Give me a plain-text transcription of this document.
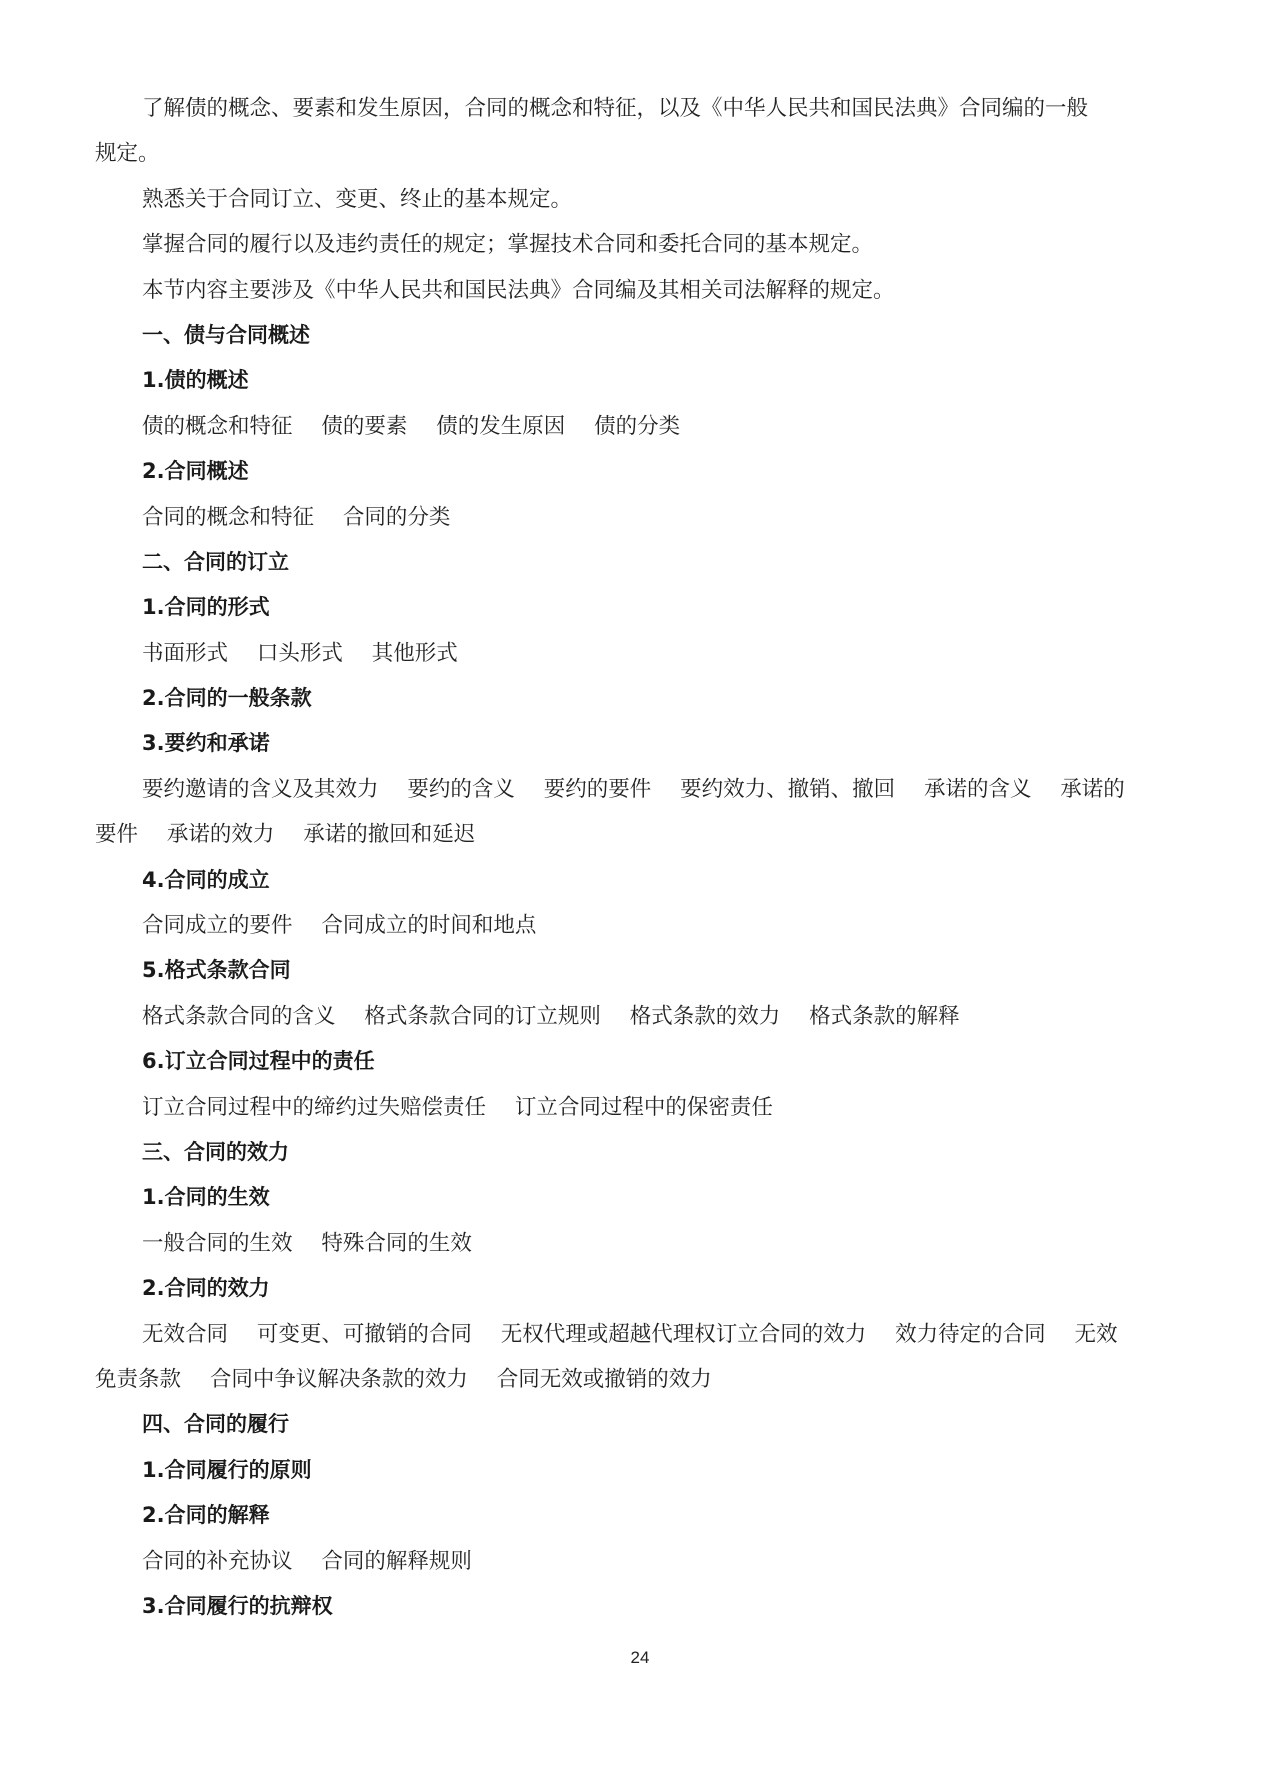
了解债的概念、要素和发生原因，合同的概念和特征，以及《中华人民共和国民法典》合同编的一般
规定。
熟悉关于合同订立、变更、终止的基本规定。
掌握合同的履行以及违约责任的规定；掌握技术合同和委托合同的基本规定。
本节内容主要涉及《中华人民共和国民法典》合同编及其相关司法解释的规定。
一、债与合同概述
1.债的概述
债的概念和特征 债的要素 债的发生原因 债的分类
2.合同概述
合同的概念和特征 合同的分类
二、合同的订立
1.合同的形式
书面形式 口头形式 其他形式
2.合同的一般条款
3.要约和承诺
要约邀请的含义及其效力 要约的含义 要约的要件 要约效力、撤销、撤回 承诺的含义 承诺的
要件 承诺的效力 承诺的撤回和延迟
4.合同的成立
合同成立的要件 合同成立的时间和地点
5.格式条款合同
格式条款合同的含义 格式条款合同的订立规则 格式条款的效力 格式条款的解释
6.订立合同过程中的责任
订立合同过程中的缔约过失赔偿责任 订立合同过程中的保密责任
三、合同的效力
1.合同的生效
一般合同的生效 特殊合同的生效
2.合同的效力
无效合同 可变更、可撤销的合同 无权代理或超越代理权订立合同的效力 效力待定的合同 无效
免责条款 合同中争议解决条款的效力 合同无效或撤销的效力
四、合同的履行
1.合同履行的原则
2.合同的解释
合同的补充协议 合同的解释规则
3.合同履行的抗辩权
24
